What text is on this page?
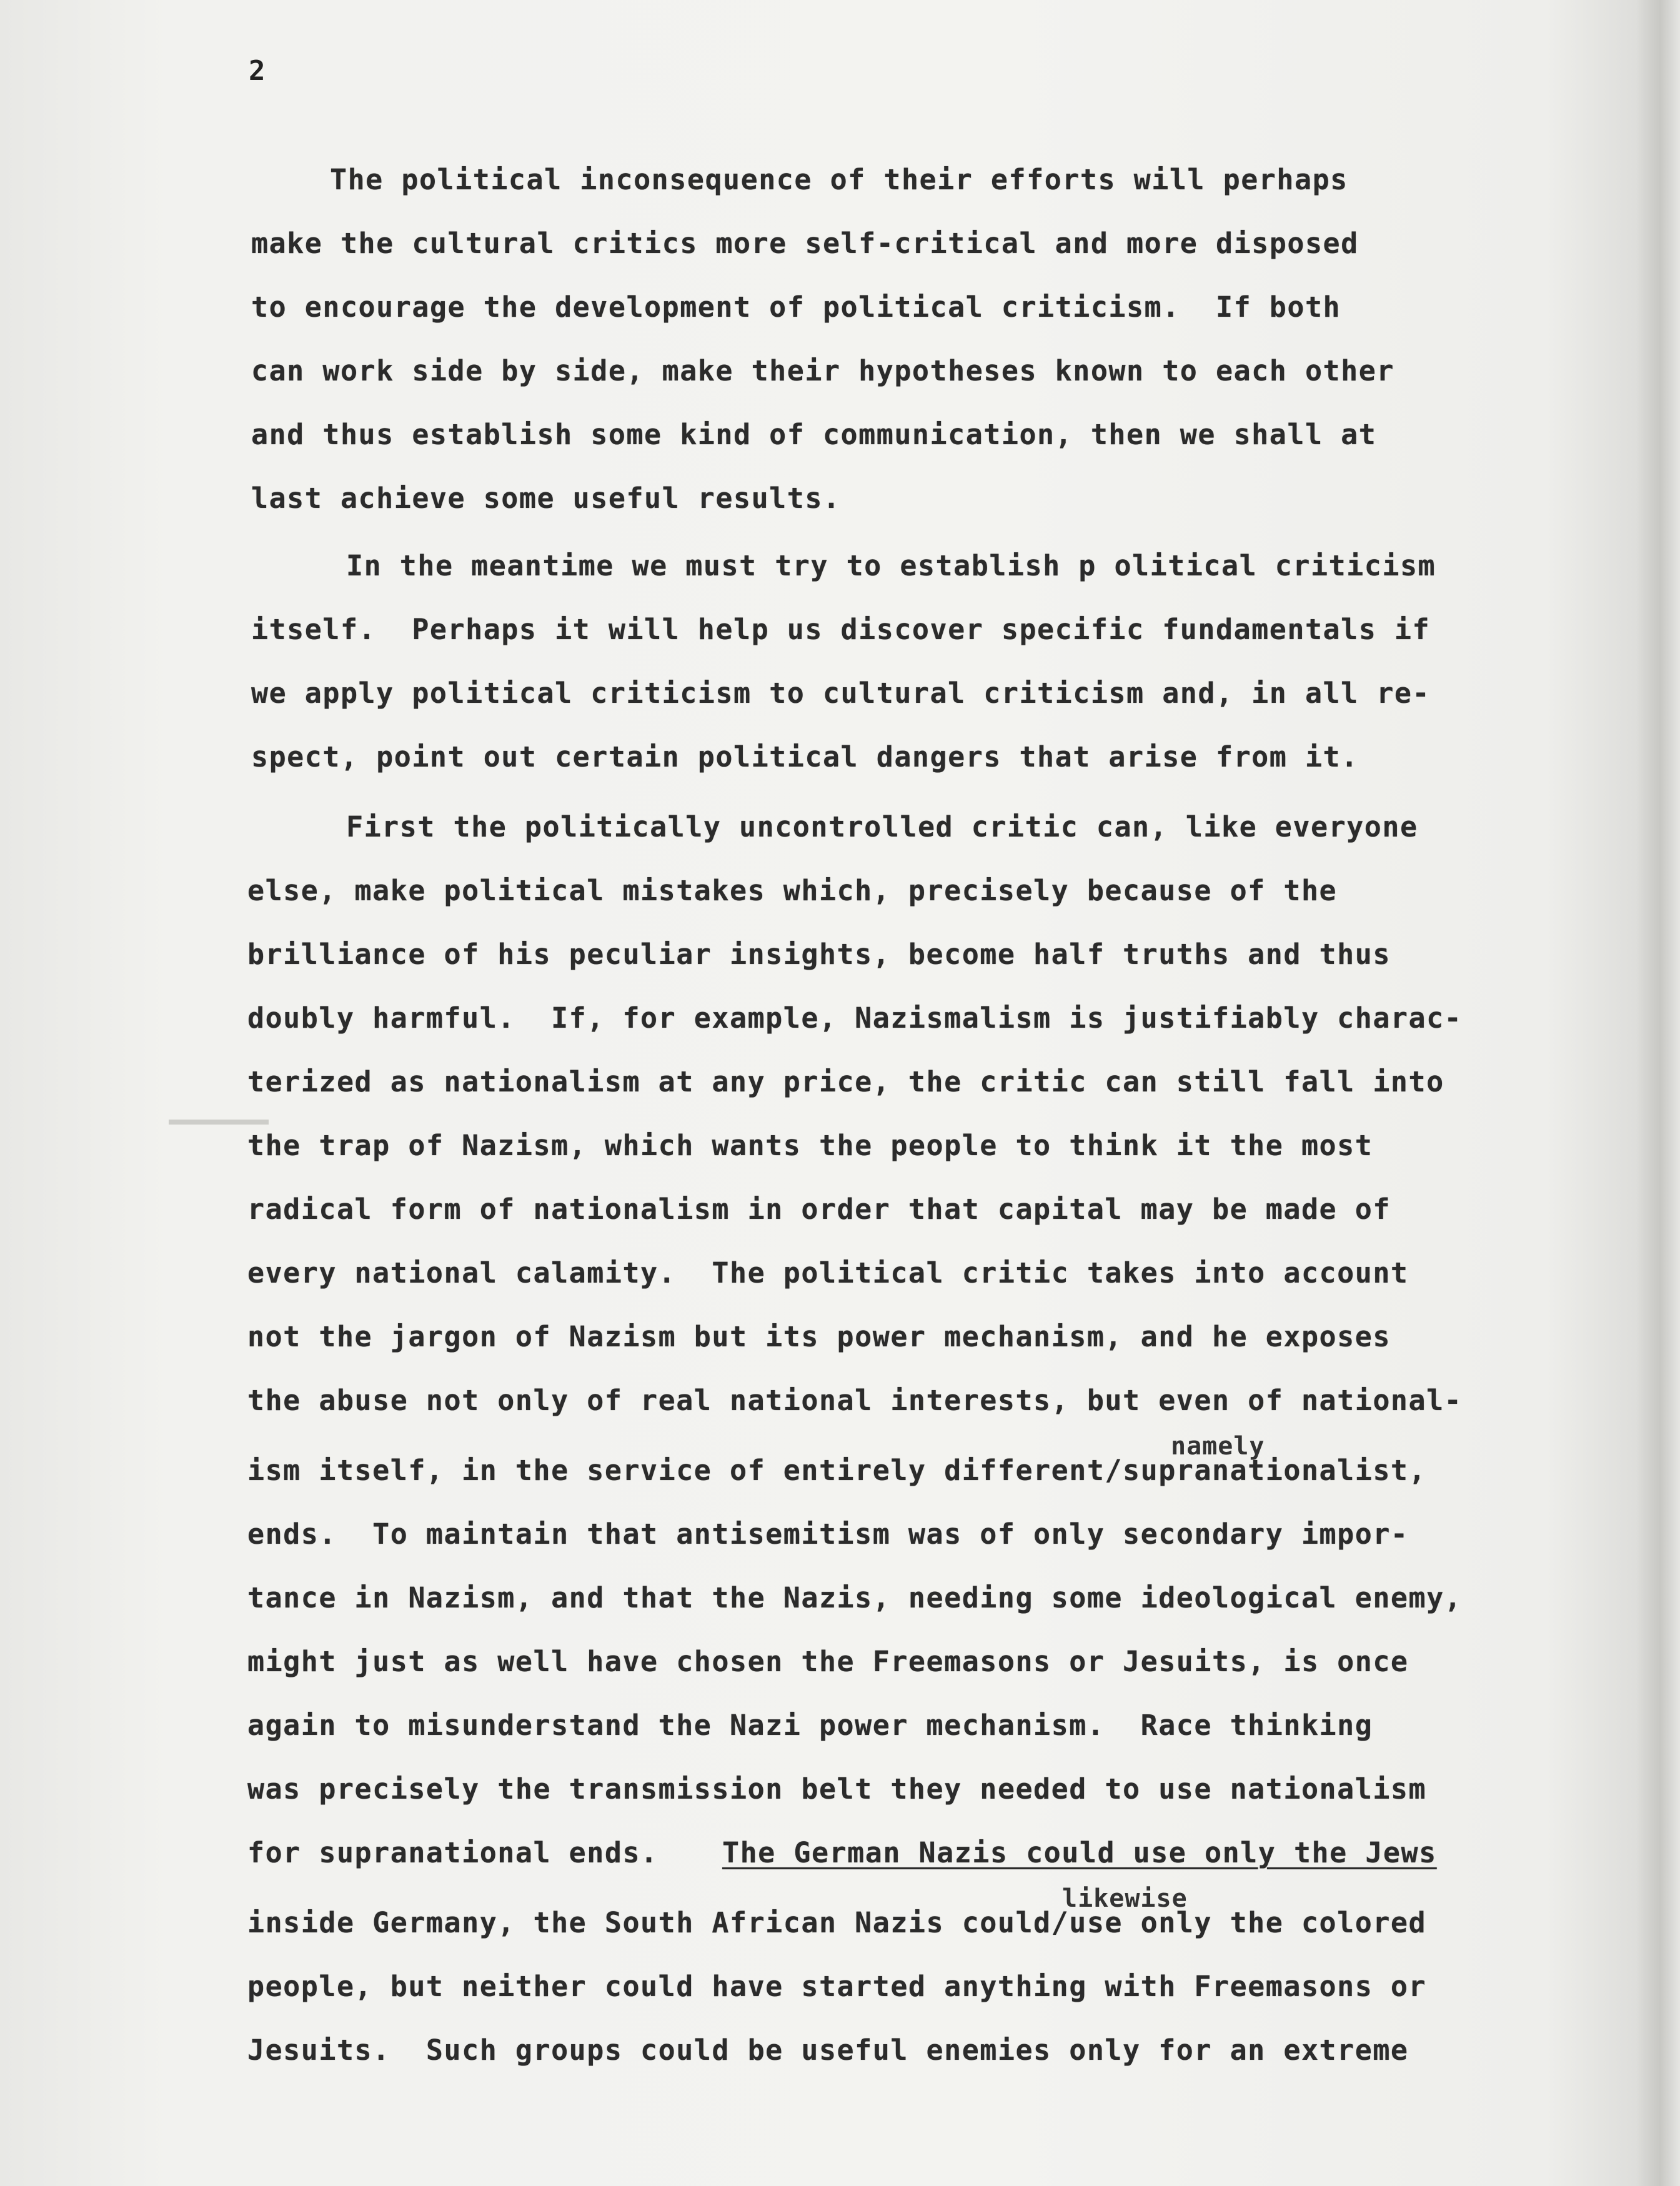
2
The political inconsequence of their efforts will perhaps
make the cultural critics more self-critical and more disposed
to encourage the development of political criticism.  If both
can work side by side, make their hypotheses known to each other
and thus establish some kind of communication, then we shall at
last achieve some useful results.
In the meantime we must try to establish p olitical criticism
itself.  Perhaps it will help us discover specific fundamentals if
we apply political criticism to cultural criticism and, in all re-
spect, point out certain political dangers that arise from it.
First the politically uncontrolled critic can, like everyone
else, make political mistakes which, precisely because of the
brilliance of his peculiar insights, become half truths and thus
doubly harmful.  If, for example, Nazismalism is justifiably charac-
terized as nationalism at any price, the critic can still fall into
the trap of Nazism, which wants the people to think it the most
radical form of nationalism in order that capital may be made of
every national calamity.  The political critic takes into account
not the jargon of Nazism but its power mechanism, and he exposes
the abuse not only of real national interests, but even of national-
namely
ism itself, in the service of entirely different/supranationalist,
ends.  To maintain that antisemitism was of only secondary impor-
tance in Nazism, and that the Nazis, needing some ideological enemy,
might just as well have chosen the Freemasons or Jesuits, is once
again to misunderstand the Nazi power mechanism.  Race thinking
was precisely the transmission belt they needed to use nationalism
for supranational ends. The German Nazis could use only the Jews
likewise
inside Germany, the South African Nazis could/use only the colored
people, but neither could have started anything with Freemasons or
Jesuits.  Such groups could be useful enemies only for an extreme
